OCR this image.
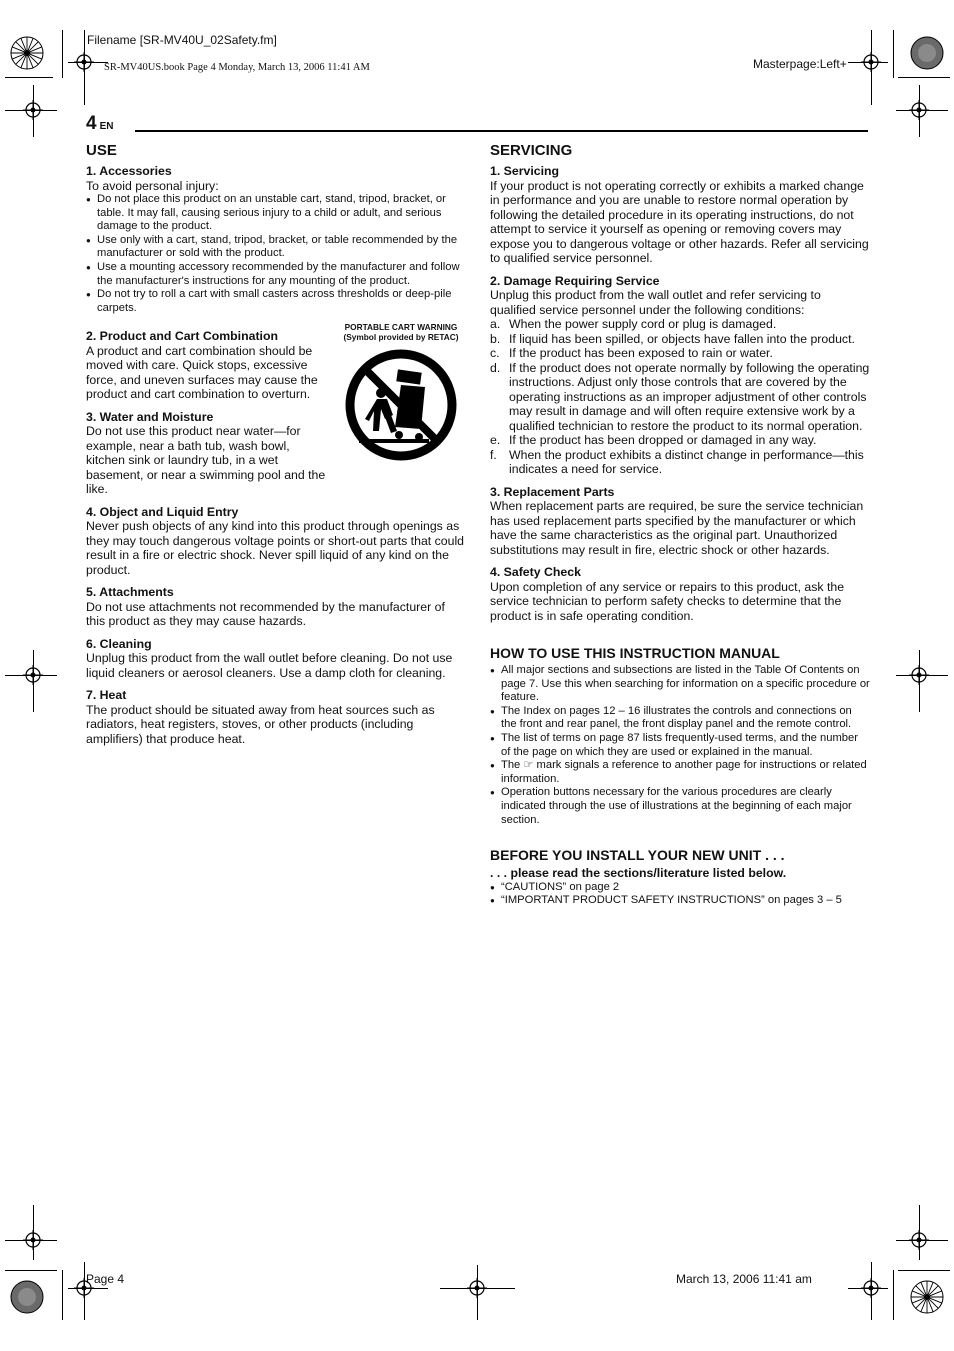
Filename [SR-MV40U_02Safety.fm]
SR-MV40US.book Page 4 Monday, March 13, 2006 11:41 AM	Masterpage:Left+
4 EN
USE
1. Accessories

To avoid personal injury:

● Do not place this product on an unstable cart, stand, tripod, bracket, or table. It may fall, causing serious injury to a child or adult, and serious damage to the product.
● Use only with a cart, stand, tripod, bracket, or table recommended by the manufacturer or sold with the product.
● Use a mounting accessory recommended by the manufacturer and follow the manufacturer's instructions for any mounting of the product.
● Do not try to roll a cart with small casters across thresholds or deep-pile carpets.
2. Product and Cart Combination

A product and cart combination should be moved with care. Quick stops, excessive force, and uneven surfaces may cause the product and cart combination to overturn.

3. Water and Moisture

Do not use this product near water—for example, near a bath tub, wash bowl, kitchen sink or laundry tub, in a wet basement, or near a swimming pool and the like.

4. Object and Liquid Entry

Never push objects of any kind into this product through openings as they may touch dangerous voltage points or short-out parts that could result in a fire or electric shock. Never spill liquid of any kind on the product.

5. Attachments

Do not use attachments not recommended by the manufacturer of this product as they may cause hazards.

6. Cleaning

Unplug this product from the wall outlet before cleaning. Do not use liquid cleaners or aerosol cleaners. Use a damp cloth for cleaning.

7. Heat

The product should be situated away from heat sources such as radiators, heat registers, stoves, or other products (including amplifiers) that produce heat.

PORTABLE CART WARNING
(Symbol provided by RETAC)
SERVICING
1. Servicing

If your product is not operating correctly or exhibits a marked change in performance and you are unable to restore normal operation by following the detailed procedure in its operating instructions, do not attempt to service it yourself as opening or removing covers may expose you to dangerous voltage or other hazards. Refer all servicing to qualified service personnel.

2. Damage Requiring Service

Unplug this product from the wall outlet and refer servicing to qualified service personnel under the following conditions:

a. When the power supply cord or plug is damaged.
b. If liquid has been spilled, or objects have fallen into the product.
c. If the product has been exposed to rain or water.
d. If the product does not operate normally by following the operating instructions. Adjust only those controls that are covered by the operating instructions as an improper adjustment of other controls may result in damage and will often require extensive work by a qualified technician to restore the product to its normal operation.
e. If the product has been dropped or damaged in any way.
f. When the product exhibits a distinct change in performance—this indicates a need for service.
3. Replacement Parts

When replacement parts are required, be sure the service technician has used replacement parts specified by the manufacturer or which have the same characteristics as the original part. Unauthorized substitutions may result in fire, electric shock or other hazards.

4. Safety Check

Upon completion of any service or repairs to this product, ask the service technician to perform safety checks to determine that the product is in safe operating condition.

HOW TO USE THIS INSTRUCTION MANUAL
● All major sections and subsections are listed in the Table Of Contents on page 7. Use this when searching for information on a specific procedure or feature.
● The Index on pages 12 – 16 illustrates the controls and connections on the front and rear panel, the front display panel and the remote control.
● The list of terms on page 87 lists frequently-used terms, and the number of the page on which they are used or explained in the manual.
● The ☞ mark signals a reference to another page for instructions or related information.
● Operation buttons necessary for the various procedures are clearly indicated through the use of illustrations at the beginning of each major section.
BEFORE YOU INSTALL YOUR NEW UNIT . . .
. . . please read the sections/literature listed below.
● “CAUTIONS” on page 2
● “IMPORTANT PRODUCT SAFETY INSTRUCTIONS” on pages 3 – 5
Page 4	March 13, 2006 11:41 am
